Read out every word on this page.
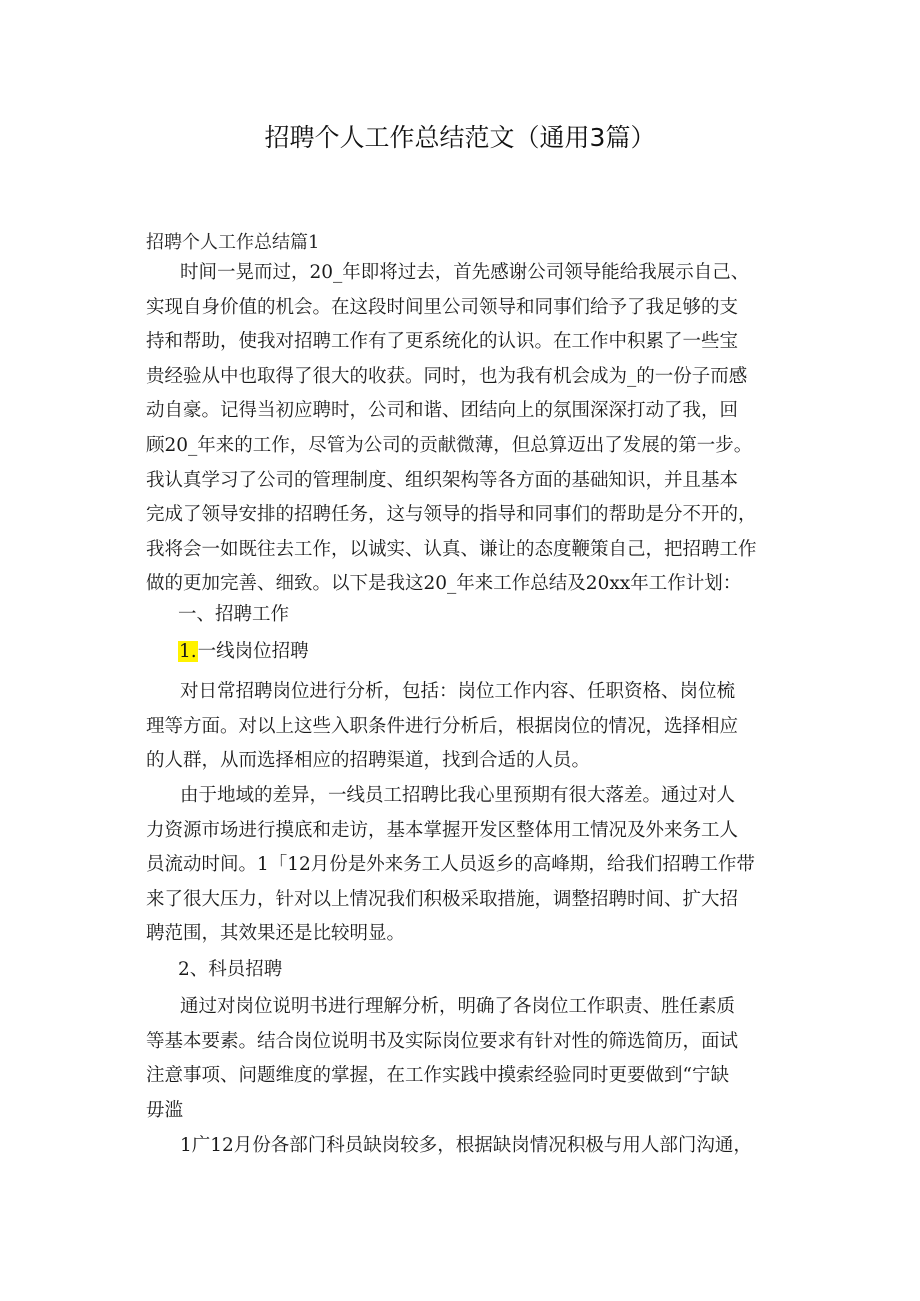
招聘个人工作总结范文（通用3篇）
招聘个人工作总结篇1
时间一晃而过，20_年即将过去，首先感谢公司领导能给我展示自己、
实现自身价值的机会。在这段时间里公司领导和同事们给予了我足够的支
持和帮助，使我对招聘工作有了更系统化的认识。在工作中积累了一些宝
贵经验从中也取得了很大的收获。同时，也为我有机会成为_的一份子而感
动自豪。记得当初应聘时，公司和谐、团结向上的氛围深深打动了我，回
顾20_年来的工作，尽管为公司的贡献微薄，但总算迈出了发展的第一步。
我认真学习了公司的管理制度、组织架构等各方面的基础知识，并且基本
完成了领导安排的招聘任务，这与领导的指导和同事们的帮助是分不开的，
我将会一如既往去工作，以诚实、认真、谦让的态度鞭策自己，把招聘工作
做的更加完善、细致。以下是我这20_年来工作总结及20xx年工作计划：
一、招聘工作
1.一线岗位招聘
对日常招聘岗位进行分析，包括：岗位工作内容、任职资格、岗位梳
理等方面。对以上这些入职条件进行分析后，根据岗位的情况，选择相应
的人群，从而选择相应的招聘渠道，找到合适的人员。
由于地域的差异，一线员工招聘比我心里预期有很大落差。通过对人
力资源市场进行摸底和走访，基本掌握开发区整体用工情况及外来务工人
员流动时间。1「12月份是外来务工人员返乡的高峰期，给我们招聘工作带
来了很大压力，针对以上情况我们积极采取措施，调整招聘时间、扩大招
聘范围，其效果还是比较明显。
2、科员招聘
通过对岗位说明书进行理解分析，明确了各岗位工作职责、胜任素质
等基本要素。结合岗位说明书及实际岗位要求有针对性的筛选简历，面试
注意事项、问题维度的掌握，在工作实践中摸索经验同时更要做到“宁缺
毋滥
1广12月份各部门科员缺岗较多，根据缺岗情况积极与用人部门沟通，
